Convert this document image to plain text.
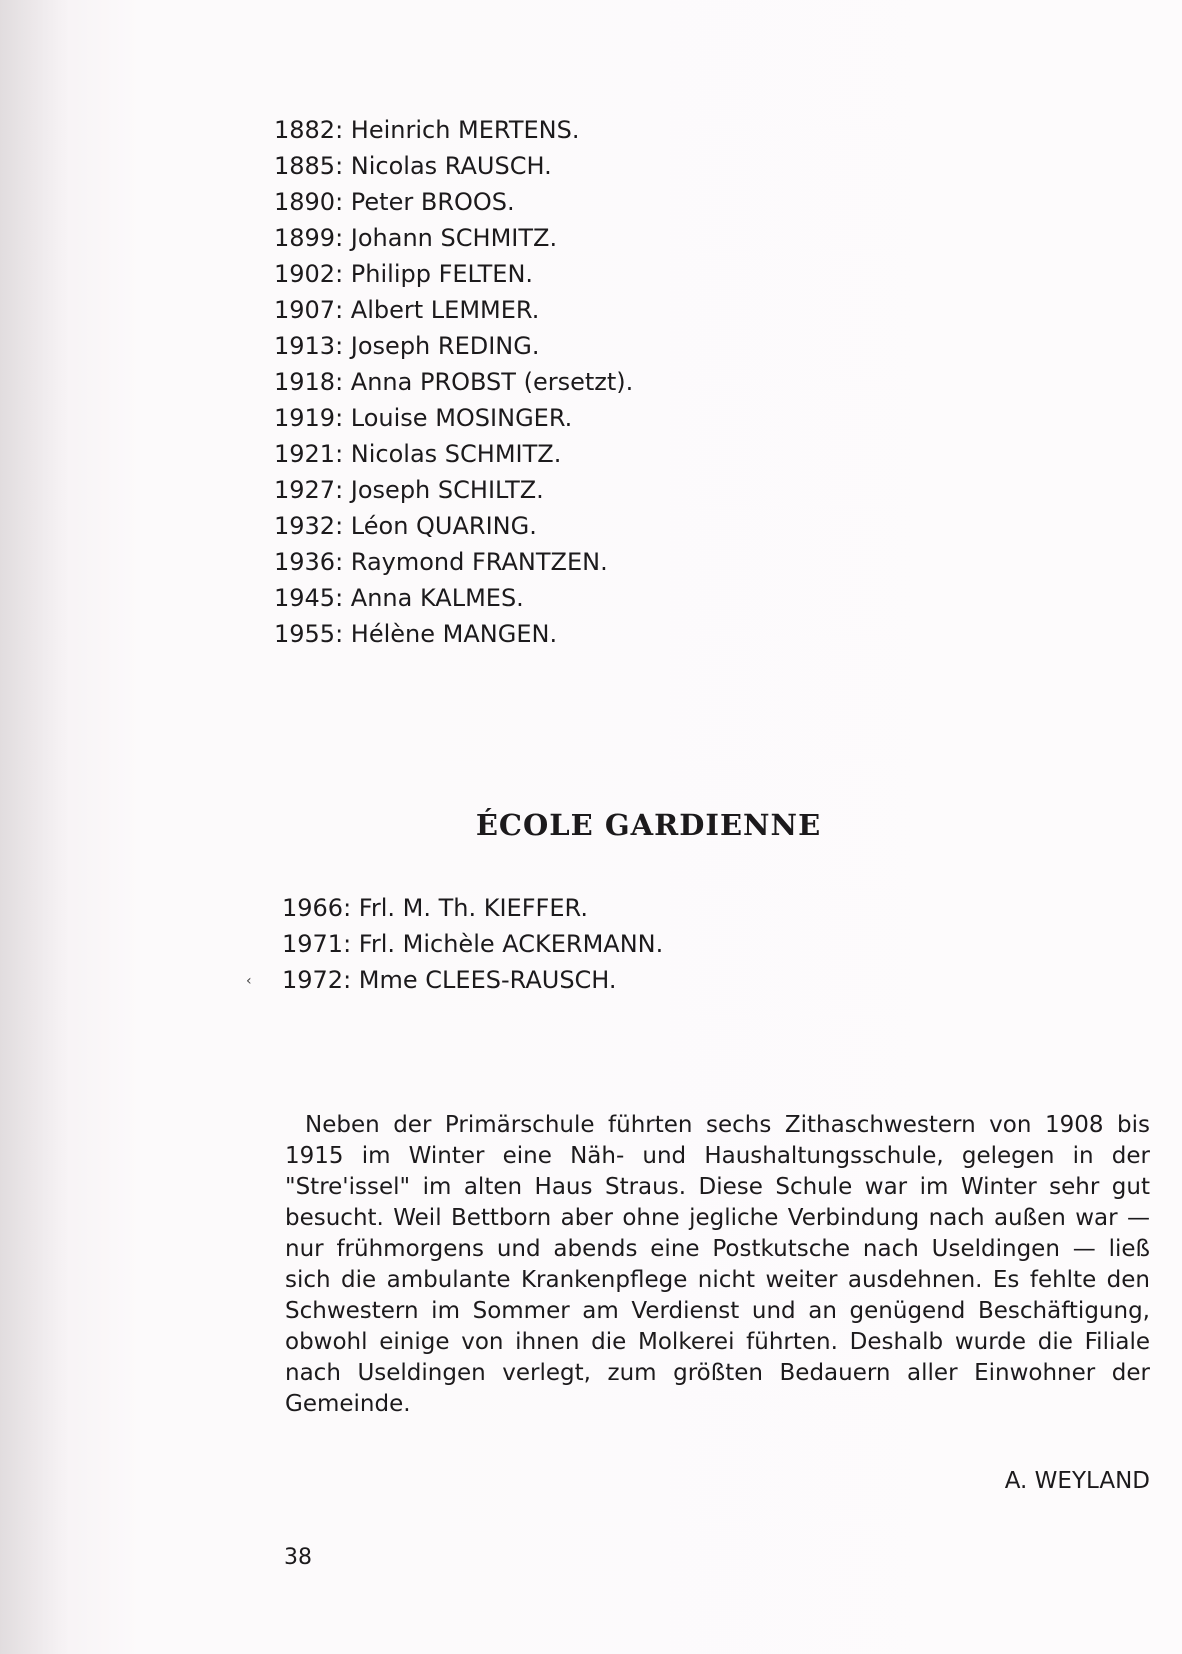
1882: Heinrich MERTENS.
1885: Nicolas RAUSCH.
1890: Peter BROOS.
1899: Johann SCHMITZ.
1902: Philipp FELTEN.
1907: Albert LEMMER.
1913: Joseph REDING.
1918: Anna PROBST (ersetzt).
1919: Louise MOSINGER.
1921: Nicolas SCHMITZ.
1927: Joseph SCHILTZ.
1932: Léon QUARING.
1936: Raymond FRANTZEN.
1945: Anna KALMES.
1955: Hélène MANGEN.
ÉCOLE GARDIENNE
1966: Frl. M. Th. KIEFFER.
1971: Frl. Michèle ACKERMANN.
1972: Mme CLEES-RAUSCH.
‹

Neben der Primärschule führten sechs Zithaschwestern von 1908 bis 1915 im Winter eine Näh- und Haushaltungsschule, gelegen in der "Stre'issel" im alten Haus Straus. Diese Schule war im Winter sehr gut besucht. Weil Bettborn aber ohne jegliche Verbindung nach außen war — nur frühmorgens und abends eine Postkutsche nach Useldingen — ließ sich die ambulante Krankenpflege nicht weiter ausdehnen. Es fehlte den Schwestern im Sommer am Verdienst und an genügend Beschäftigung, obwohl einige von ihnen die Molkerei führten. Deshalb wurde die Filiale nach Useldingen verlegt, zum größten Bedauern aller Einwohner der Gemeinde.

A. WEYLAND
38
